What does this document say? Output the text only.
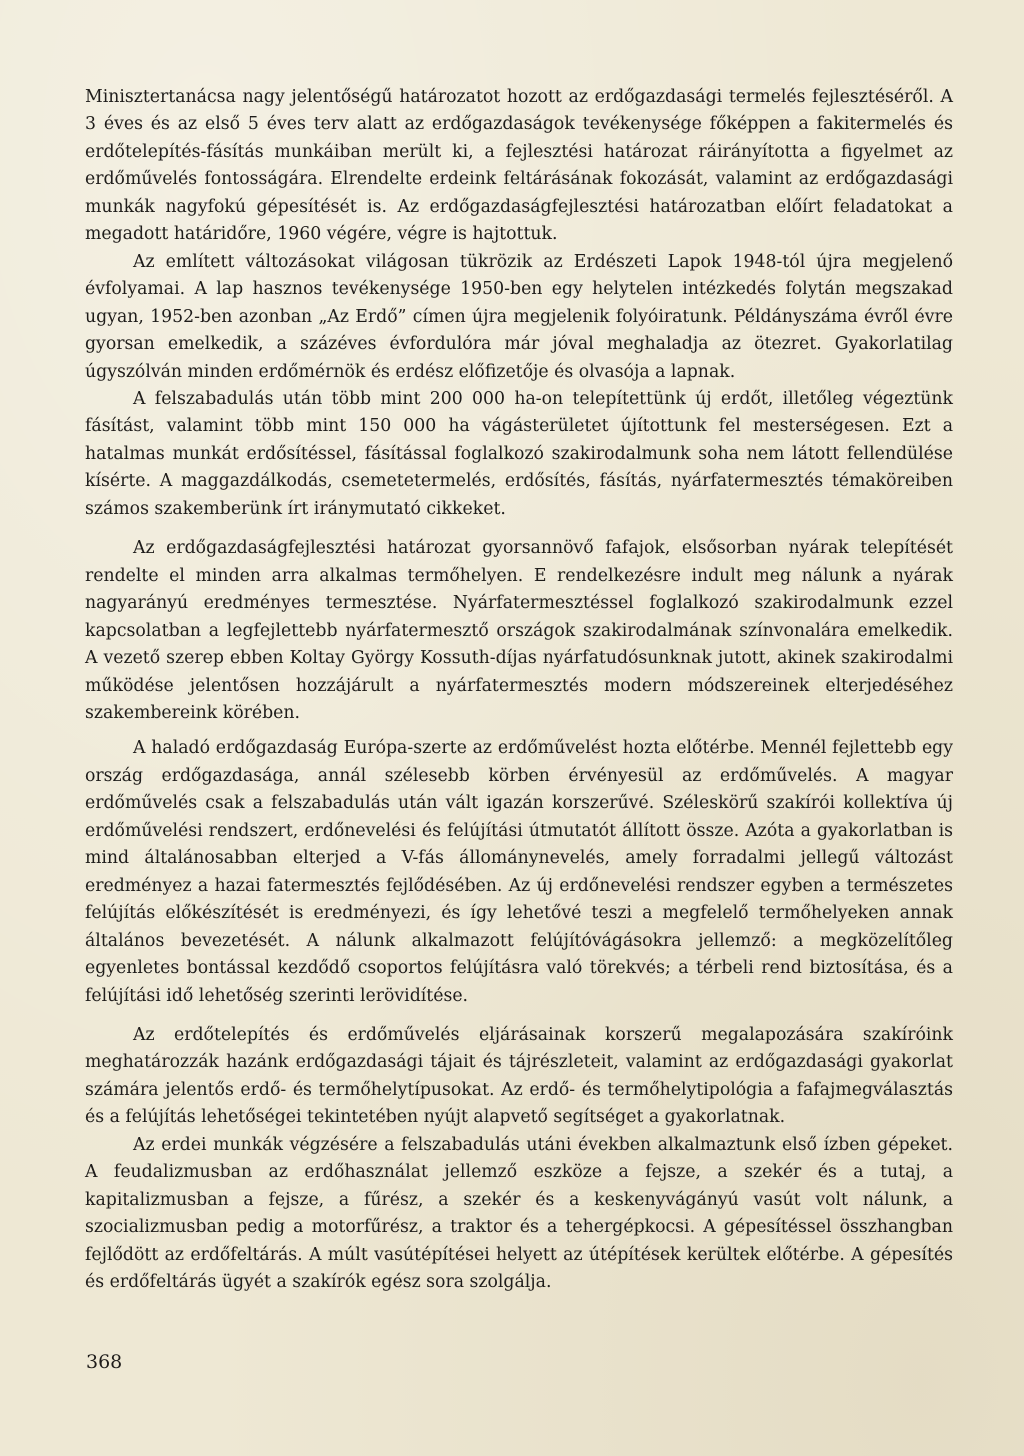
Minisztertanácsa nagy jelentőségű határozatot hozott az erdőgazdasági termelés fejlesztéséről. A 3 éves és az első 5 éves terv alatt az erdőgazdaságok tevékenysége főképpen a fakitermelés és erdőtelepítés-fásítás munkáiban merült ki, a fejlesztési határozat ráirányította a figyelmet az erdőművelés fontosságára. Elrendelte erdeink feltárásának fokozását, valamint az erdőgazdasági munkák nagyfokú gépesítését is. Az erdőgazdaságfejlesztési határozatban előírt feladatokat a megadott határidőre, 1960 végére, végre is hajtottuk.

Az említett változásokat világosan tükrözik az Erdészeti Lapok 1948-tól újra megjelenő évfolyamai. A lap hasznos tevékenysége 1950-ben egy helytelen intézkedés folytán megszakad ugyan, 1952-ben azonban „Az Erdő” címen újra megjelenik folyóiratunk. Példányszáma évről évre gyorsan emelkedik, a százéves évfordulóra már jóval meghaladja az ötezret. Gyakorlatilag úgyszólván minden erdőmérnök és erdész előfizetője és olvasója a lapnak.

A felszabadulás után több mint 200 000 ha-on telepítettünk új erdőt, illetőleg végeztünk fásítást, valamint több mint 150 000 ha vágásterületet újítottunk fel mesterségesen. Ezt a hatalmas munkát erdősítéssel, fásítással foglalkozó szakirodalmunk soha nem látott fellendülése kísérte. A maggazdálkodás, csemetetermelés, erdősítés, fásítás, nyárfatermesztés témaköreiben számos szakemberünk írt iránymutató cikkeket.

Az erdőgazdaságfejlesztési határozat gyorsannövő fafajok, elsősorban nyárak telepítését rendelte el minden arra alkalmas termőhelyen. E rendelkezésre indult meg nálunk a nyárak nagyarányú eredményes termesztése. Nyárfatermesztéssel foglalkozó szakirodalmunk ezzel kapcsolatban a legfejlettebb nyárfatermesztő országok szakirodalmának színvonalára emelkedik. A vezető szerep ebben Koltay György Kossuth-díjas nyárfatudósunknak jutott, akinek szakirodalmi működése jelentősen hozzájárult a nyárfatermesztés modern módszereinek elterjedéséhez szakembereink körében.

A haladó erdőgazdaság Európa-szerte az erdőművelést hozta előtérbe. Mennél fejlettebb egy ország erdőgazdasága, annál szélesebb körben érvényesül az erdőművelés. A magyar erdőművelés csak a felszabadulás után vált igazán korszerűvé. Széleskörű szakírói kollektíva új erdőművelési rendszert, erdőnevelési és felújítási útmutatót állított össze. Azóta a gyakorlatban is mind általánosabban elterjed a V-fás állománynevelés, amely forradalmi jellegű változást eredményez a hazai fatermesztés fejlődésében. Az új erdőnevelési rendszer egyben a természetes felújítás előkészítését is eredményezi, és így lehetővé teszi a megfelelő termőhelyeken annak általános bevezetését. A nálunk alkalmazott felújítóvágásokra jellemző: a megközelítőleg egyenletes bontással kezdődő csoportos felújításra való törekvés; a térbeli rend biztosítása, és a felújítási idő lehetőség szerinti lerövidítése.

Az erdőtelepítés és erdőművelés eljárásainak korszerű megalapozására szakíróink meghatározzák hazánk erdőgazdasági tájait és tájrészleteit, valamint az erdőgazdasági gyakorlat számára jelentős erdő- és termőhelytípusokat. Az erdő- és termőhelytipológia a fafajmegválasztás és a felújítás lehetőségei tekintetében nyújt alapvető segítséget a gyakorlatnak.

Az erdei munkák végzésére a felszabadulás utáni években alkalmaztunk első ízben gépeket. A feudalizmusban az erdőhasználat jellemző eszköze a fejsze, a szekér és a tutaj, a kapitalizmusban a fejsze, a fűrész, a szekér és a keskenyvágányú vasút volt nálunk, a szocializmusban pedig a motorfűrész, a traktor és a tehergépkocsi. A gépesítéssel összhangban fejlődött az erdőfeltárás. A múlt vasútépítései helyett az útépítések kerültek előtérbe. A gépesítés és erdőfeltárás ügyét a szakírók egész sora szolgálja.

368
